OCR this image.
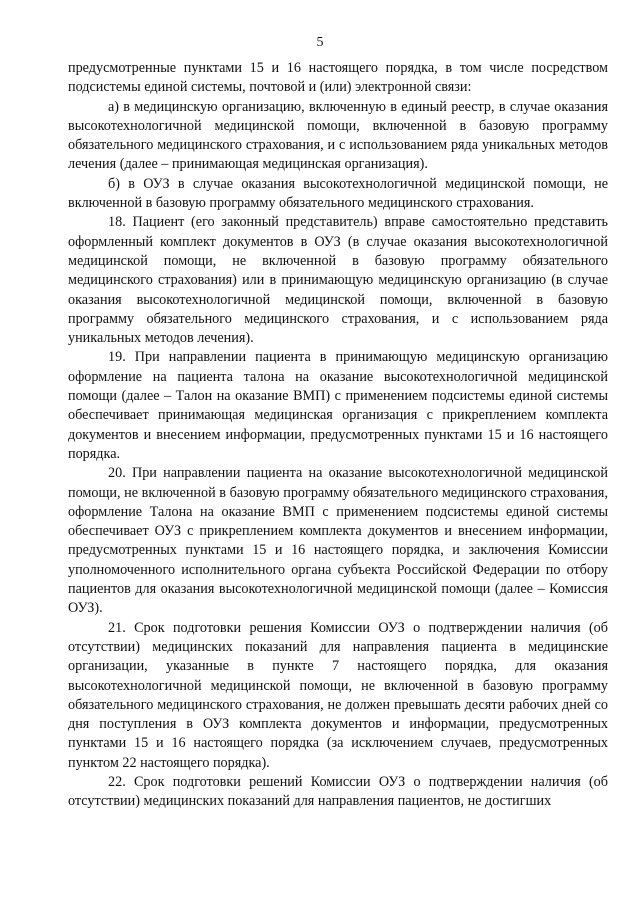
5

предусмотренные пунктами 15 и 16 настоящего порядка, в том числе посредством подсистемы единой системы, почтовой и (или) электронной связи:

а) в медицинскую организацию, включенную в единый реестр, в случае оказания высокотехнологичной медицинской помощи, включенной в базовую программу обязательного медицинского страхования, и с использованием ряда уникальных методов лечения (далее – принимающая медицинская организация).

б) в ОУЗ в случае оказания высокотехнологичной медицинской помощи, не включенной в базовую программу обязательного медицинского страхования.

18. Пациент (его законный представитель) вправе самостоятельно представить оформленный комплект документов в ОУЗ (в случае оказания высокотехнологичной медицинской помощи, не включенной в базовую программу обязательного медицинского страхования) или в принимающую медицинскую организацию (в случае оказания высокотехнологичной медицинской помощи, включенной в базовую программу обязательного медицинского страхования, и с использованием ряда уникальных методов лечения).

19. При направлении пациента в принимающую медицинскую организацию оформление на пациента талона на оказание высокотехнологичной медицинской помощи (далее – Талон на оказание ВМП) с применением подсистемы единой системы обеспечивает принимающая медицинская организация с прикреплением комплекта документов и внесением информации, предусмотренных пунктами 15 и 16 настоящего порядка.

20. При направлении пациента на оказание высокотехнологичной медицинской помощи, не включенной в базовую программу обязательного медицинского страхования, оформление Талона на оказание ВМП с применением подсистемы единой системы обеспечивает ОУЗ с прикреплением комплекта документов и внесением информации, предусмотренных пунктами 15 и 16 настоящего порядка, и заключения Комиссии уполномоченного исполнительного органа субъекта Российской Федерации по отбору пациентов для оказания высокотехнологичной медицинской помощи (далее – Комиссия ОУЗ).

21. Срок подготовки решения Комиссии ОУЗ о подтверждении наличия (об отсутствии) медицинских показаний для направления пациента в медицинские организации, указанные в пункте 7 настоящего порядка, для оказания высокотехнологичной медицинской помощи, не включенной в базовую программу обязательного медицинского страхования, не должен превышать десяти рабочих дней со дня поступления в ОУЗ комплекта документов и информации, предусмотренных пунктами 15 и 16 настоящего порядка (за исключением случаев, предусмотренных пунктом 22 настоящего порядка).

22. Срок подготовки решений Комиссии ОУЗ о подтверждении наличия (об отсутствии) медицинских показаний для направления пациентов, не достигших
